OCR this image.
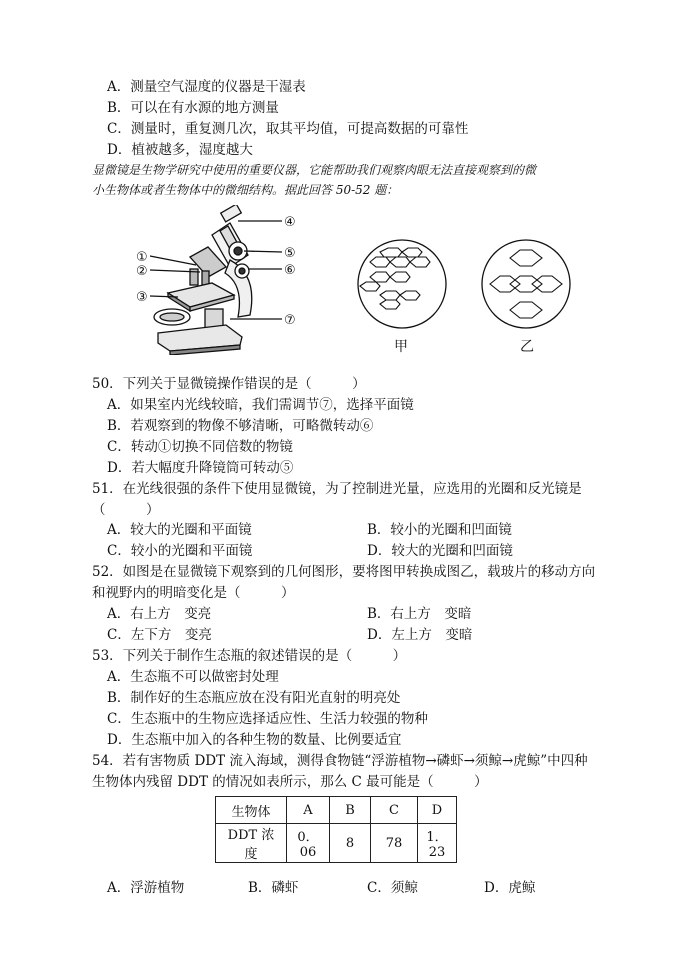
A．测量空气湿度的仪器是干湿表
B．可以在有水源的地方测量
C．测量时，重复测几次，取其平均值，可提高数据的可靠性
D．植被越多，湿度越大
显微镜是生物学研究中使用的重要仪器，它能帮助我们观察肉眼无法直接观察到的微
小生物体或者生物体中的微细结构。据此回答 50-52 题：
①
②
③
④
⑤
⑥
⑦
甲	乙
50．下列关于显微镜操作错误的是（　　　）
A．如果室内光线较暗，我们需调节⑦，选择平面镜
B．若观察到的物像不够清晰，可略微转动⑥
C．转动①切换不同倍数的物镜
D．若大幅度升降镜筒可转动⑤
51．在光线很强的条件下使用显微镜，为了控制进光量，应选用的光圈和反光镜是
（　　　）
A．较大的光圈和平面镜	B．较小的光圈和凹面镜
C．较小的光圈和平面镜	D．较大的光圈和凹面镜
52．如图是在显微镜下观察到的几何图形，要将图甲转换成图乙，载玻片的移动方向
和视野内的明暗变化是（　　　）
A．右上方　变亮	B．右上方　变暗
C．左下方　变亮	D．左上方　变暗
53．下列关于制作生态瓶的叙述错误的是（　　　）
A．生态瓶不可以做密封处理
B．制作好的生态瓶应放在没有阳光直射的明亮处
C．生态瓶中的生物应选择适应性、生活力较强的物种
D．生态瓶中加入的各种生物的数量、比例要适宜
54．若有害物质 DDT 流入海域，测得食物链“浮游植物→磷虾→须鲸→虎鲸”中四种
生物体内残留 DDT 的情况如表所示，那么 C 最可能是（　　　）
生物体	A	B	C	D
DDT 浓度	0．06	8	78	1．23
A．浮游植物	B．磷虾	C．须鲸	D．虎鲸
